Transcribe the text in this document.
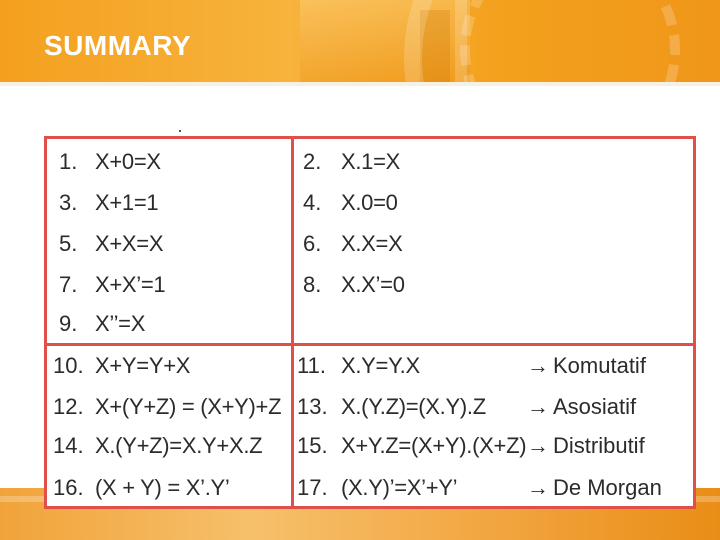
SUMMARY
1. X+0=X	2. X.1=X
3. X+1=1	4. X.0=0
5. X+X=X	6. X.X=X
7. X+X’=1	8. X.X’=0
9. X’’=X
10. X+Y=Y+X	11. X.Y=Y.X	→ Komutatif
12. X+(Y+Z) = (X+Y)+Z 13. X.(Y.Z)=(X.Y).Z → Asosiatif
14. X.(Y+Z)=X.Y+X.Z 15. X+Y.Z=(X+Y).(X+Z) → Distributif
16. (X + Y) = X’.Y’	17. (X.Y)’=X’+Y’	→ De Morgan
